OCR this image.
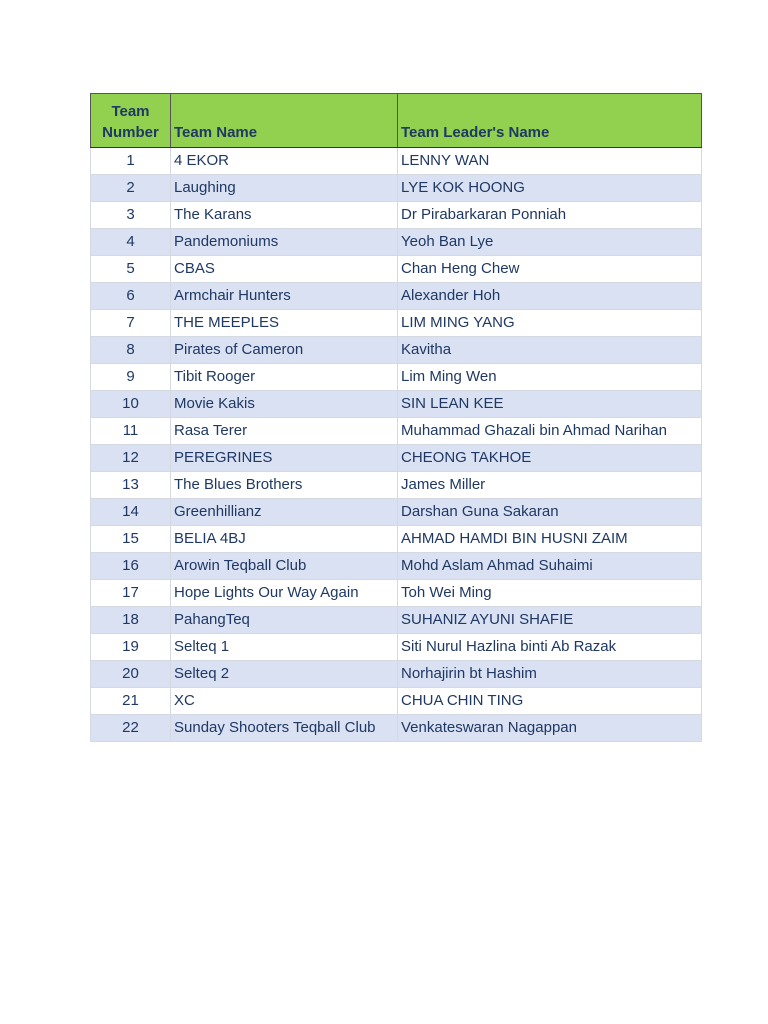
Team
Number	Team Name	Team Leader's Name
1	4 EKOR	LENNY WAN
2	Laughing	LYE KOK HOONG
3	The Karans	Dr Pirabarkaran Ponniah
4	Pandemoniums	Yeoh Ban Lye
5	CBAS	Chan Heng Chew
6	Armchair Hunters	Alexander Hoh
7	THE MEEPLES	LIM MING YANG
8	Pirates of Cameron	Kavitha
9	Tibit Rooger	Lim Ming Wen
10	Movie Kakis	SIN LEAN KEE
11	Rasa Terer	Muhammad Ghazali bin Ahmad Narihan
12	PEREGRINES	CHEONG TAKHOE
13	The Blues Brothers	James Miller
14	Greenhillianz	Darshan Guna Sakaran
15	BELIA 4BJ	AHMAD HAMDI BIN HUSNI ZAIM
16	Arowin Teqball Club	Mohd Aslam Ahmad Suhaimi
17	Hope Lights Our Way Again	Toh Wei Ming
18	PahangTeq	SUHANIZ AYUNI SHAFIE
19	Selteq 1	Siti Nurul Hazlina binti Ab Razak
20	Selteq 2	Norhajirin bt Hashim
21	XC	CHUA CHIN TING
22	Sunday Shooters Teqball Club	Venkateswaran Nagappan
